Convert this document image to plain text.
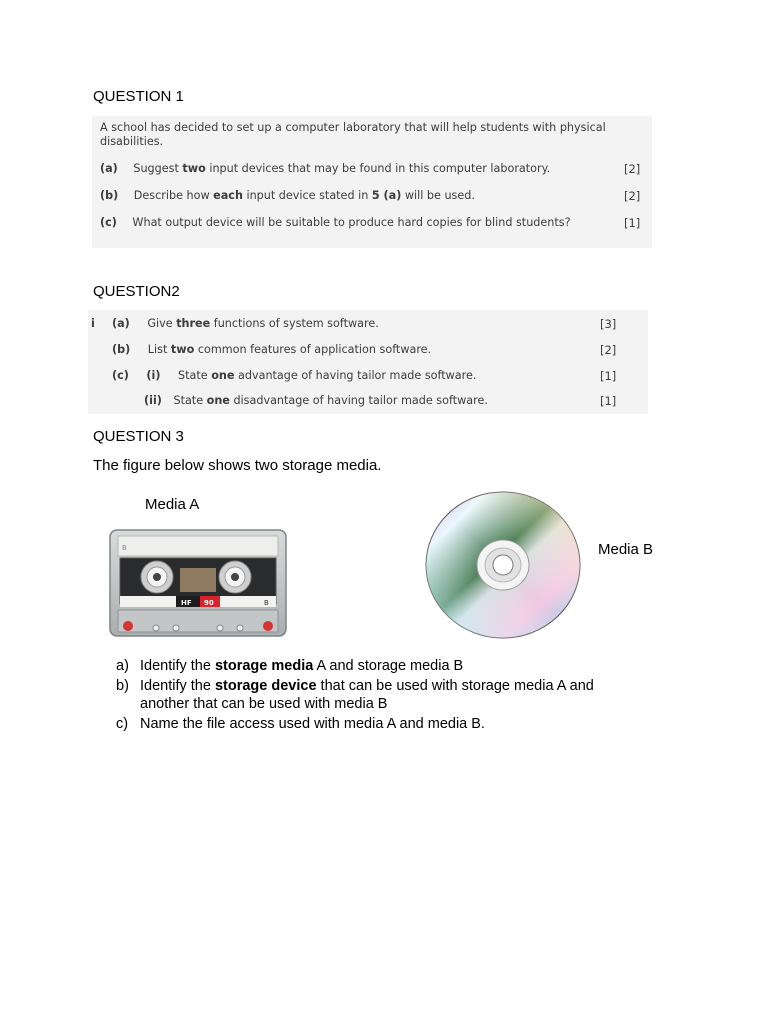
QUESTION 1
A school has decided to set up a computer laboratory that will help students with physical
disabilities.
(a) Suggest two input devices that may be found in this computer laboratory.	[2]
(b) Describe how each input device stated in 5 (a) will be used.	[2]
(c) What output device will be suitable to produce hard copies for blind students?	[1]
QUESTION2
i (a) Give three functions of system software.	[3]
(b) List two common features of application software.	[2]
(c) (i) State one advantage of having tailor made software.	[1]
(ii) State one disadvantage of having tailor made software.	[1]
QUESTION 3
The figure below shows two storage media.
Media A
Media B
B
HF 90	B
a) Identify the storage media A and storage media B
b) Identify the storage device that can be used with storage media A and another that can be used with media B
c) Name the file access used with media A and media B.
